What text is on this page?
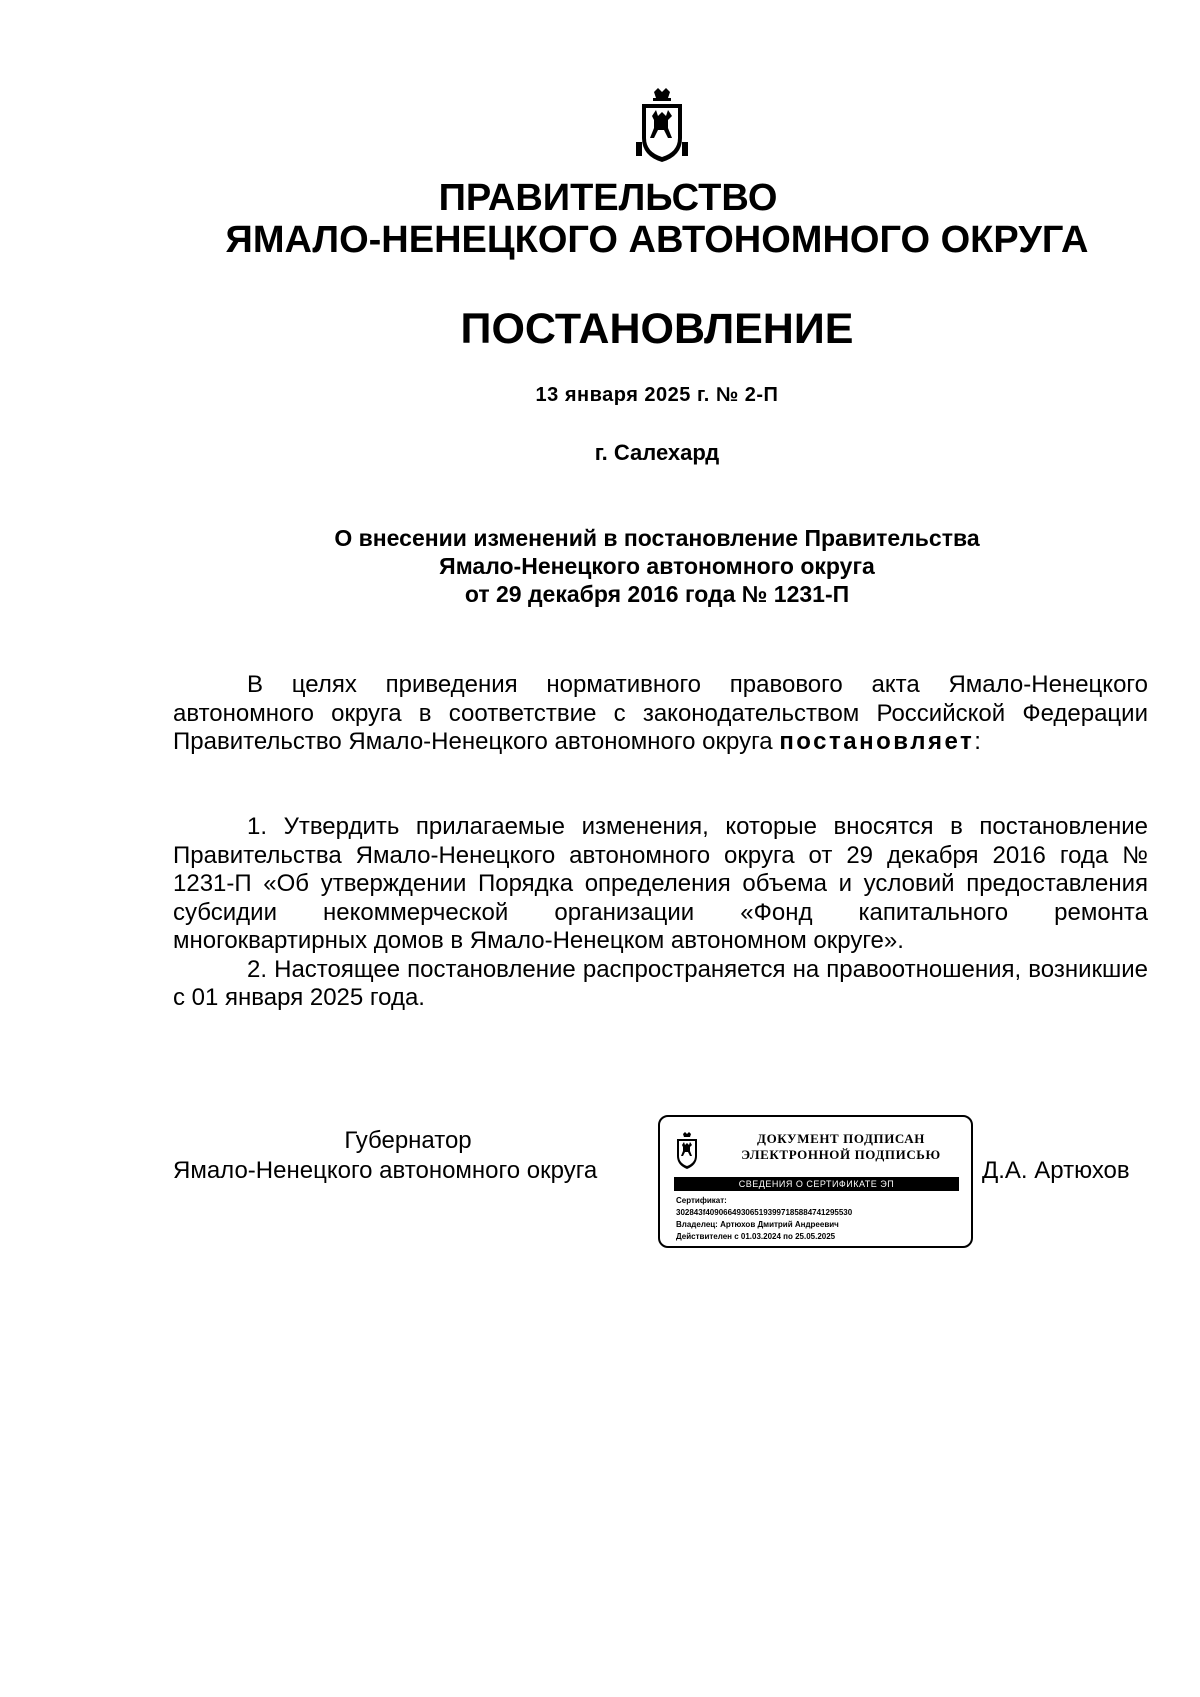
ПРАВИТЕЛЬСТВО
ЯМАЛО-НЕНЕЦКОГО АВТОНОМНОГО ОКРУГА
ПОСТАНОВЛЕНИЕ
13 января 2025 г. № 2-П
г. Салехард
О внесении изменений в постановление Правительства
Ямало-Ненецкого автономного округа
от 29 декабря 2016 года № 1231-П

В целях приведения нормативного правового акта Ямало-Ненецкого автономного округа в соответствие с законодательством Российской Федерации Правительство Ямало-Ненецкого автономного округа постановляет:

1. Утвердить прилагаемые изменения, которые вносятся в постановление Правительства Ямало-Ненецкого автономного округа от 29 декабря 2016 года № 1231-П «Об утверждении Порядка определения объема и условий предоставления субсидии некоммерческой организации «Фонд капитального ремонта многоквартирных домов в Ямало-Ненецком автономном округе».

2. Настоящее постановление распространяется на правоотношения, возникшие с 01 января 2025 года.

Губернатор
Ямало-Ненецкого автономного округа
ДОКУМЕНТ ПОДПИСАН
ЭЛЕКТРОННОЙ ПОДПИСЬЮ
СВЕДЕНИЯ О СЕРТИФИКАТЕ ЭП
Сертификат:
302843f409066493065193997185884741295530
Владелец: Артюхов Дмитрий Андреевич
Действителен с 01.03.2024 по 25.05.2025
Д.А. Артюхов
